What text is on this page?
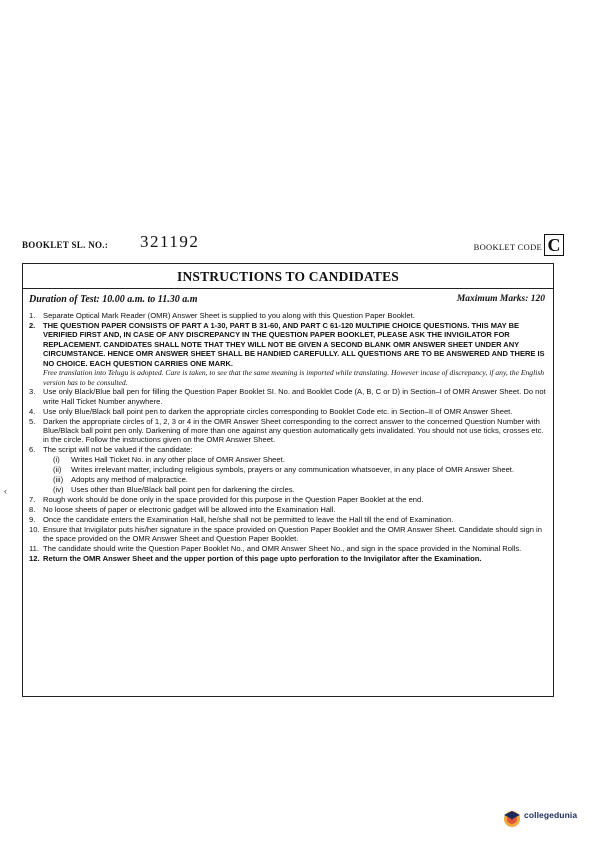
BOOKLET SL. NO.: 321192	BOOKLET CODE C
INSTRUCTIONS TO CANDIDATES
Duration of Test: 10.00 a.m. to 11.30 a.m	Maximum Marks: 120
1.	Separate Optical Mark Reader (OMR) Answer Sheet is supplied to you along with this Question Paper Booklet.
2.	THE QUESTION PAPER CONSISTS OF PART A 1-30, PART B 31-60, AND PART C 61-120 MULTIPIE CHOICE QUESTIONS. THIS MAY BE VERIFIED FIRST AND, IN CASE OF ANY DISCREPANCY IN THE QUESTION PAPER BOOKLET, PLEASE ASK THE INVIGILATOR FOR REPLACEMENT. CANDIDATES SHALL NOTE THAT THEY WILL NOT BE GIVEN A SECOND BLANK OMR ANSWER SHEET UNDER ANY CIRCUMSTANCE. HENCE OMR ANSWER SHEET SHALL BE HANDIED CAREFULLY. ALL QUESTIONS ARE TO BE ANSWERED AND THERE IS NO CHOICE. EACH QUESTION CARRIES ONE MARK.
Free translation into Telugu is adopted. Care is taken, to see that the same meaning is imported while translating. However incase of discrepancy, if any, the English version has to be consulted.
3.	Use only Black/Blue ball pen for filling the Question Paper Booklet SI. No. and Booklet Code (A, B, C or D) in Section–I of OMR Answer Sheet. Do not write Hall Ticket Number anywhere.
4.	Use only Blue/Black ball point pen to darken the appropriate circles corresponding to Booklet Code etc. in Section–II of OMR Answer Sheet.
5.	Darken the appropriate circles of 1, 2, 3 or 4 in the OMR Answer Sheet corresponding to the correct answer to the concerned Question Number with Blue/Black ball point pen only. Darkening of more than one against any question automatically gets invalidated. You should not use ticks, crosses etc. in the circle. Follow the instructions given on the OMR Answer Sheet.
6.	The script will not be valued if the candidate:
(i) Writes Hall Ticket No. in any other place of OMR Answer Sheet.
(ii) Writes irrelevant matter, including religious symbols, prayers or any communication whatsoever, in any place of OMR Answer Sheet.
(iii) Adopts any method of malpractice.
(iv) Uses other than Blue/Black ball point pen for darkening the circles.
7.	Rough work should be done only in the space provided for this purpose in the Question Paper Booklet at the end.
8.	No loose sheets of paper or electronic gadget will be allowed into the Examination Hall.
9.	Once the candidate enters the Examination Hall, he/she shall not be permitted to leave the Hall till the end of Examination.
10. Ensure that Invigilator puts his/her signature in the space provided on Question Paper Booklet and the OMR Answer Sheet. Candidate should sign in the space provided on the OMR Answer Sheet and Question Paper Booklet.
11. The candidate should write the Question Paper Booklet No., and OMR Answer Sheet No., and sign in the space provided in the Nominal Rolls.
12. Return the OMR Answer Sheet and the upper portion of this page upto perforation to the Invigilator after the Examination.
‹
collegedunia
